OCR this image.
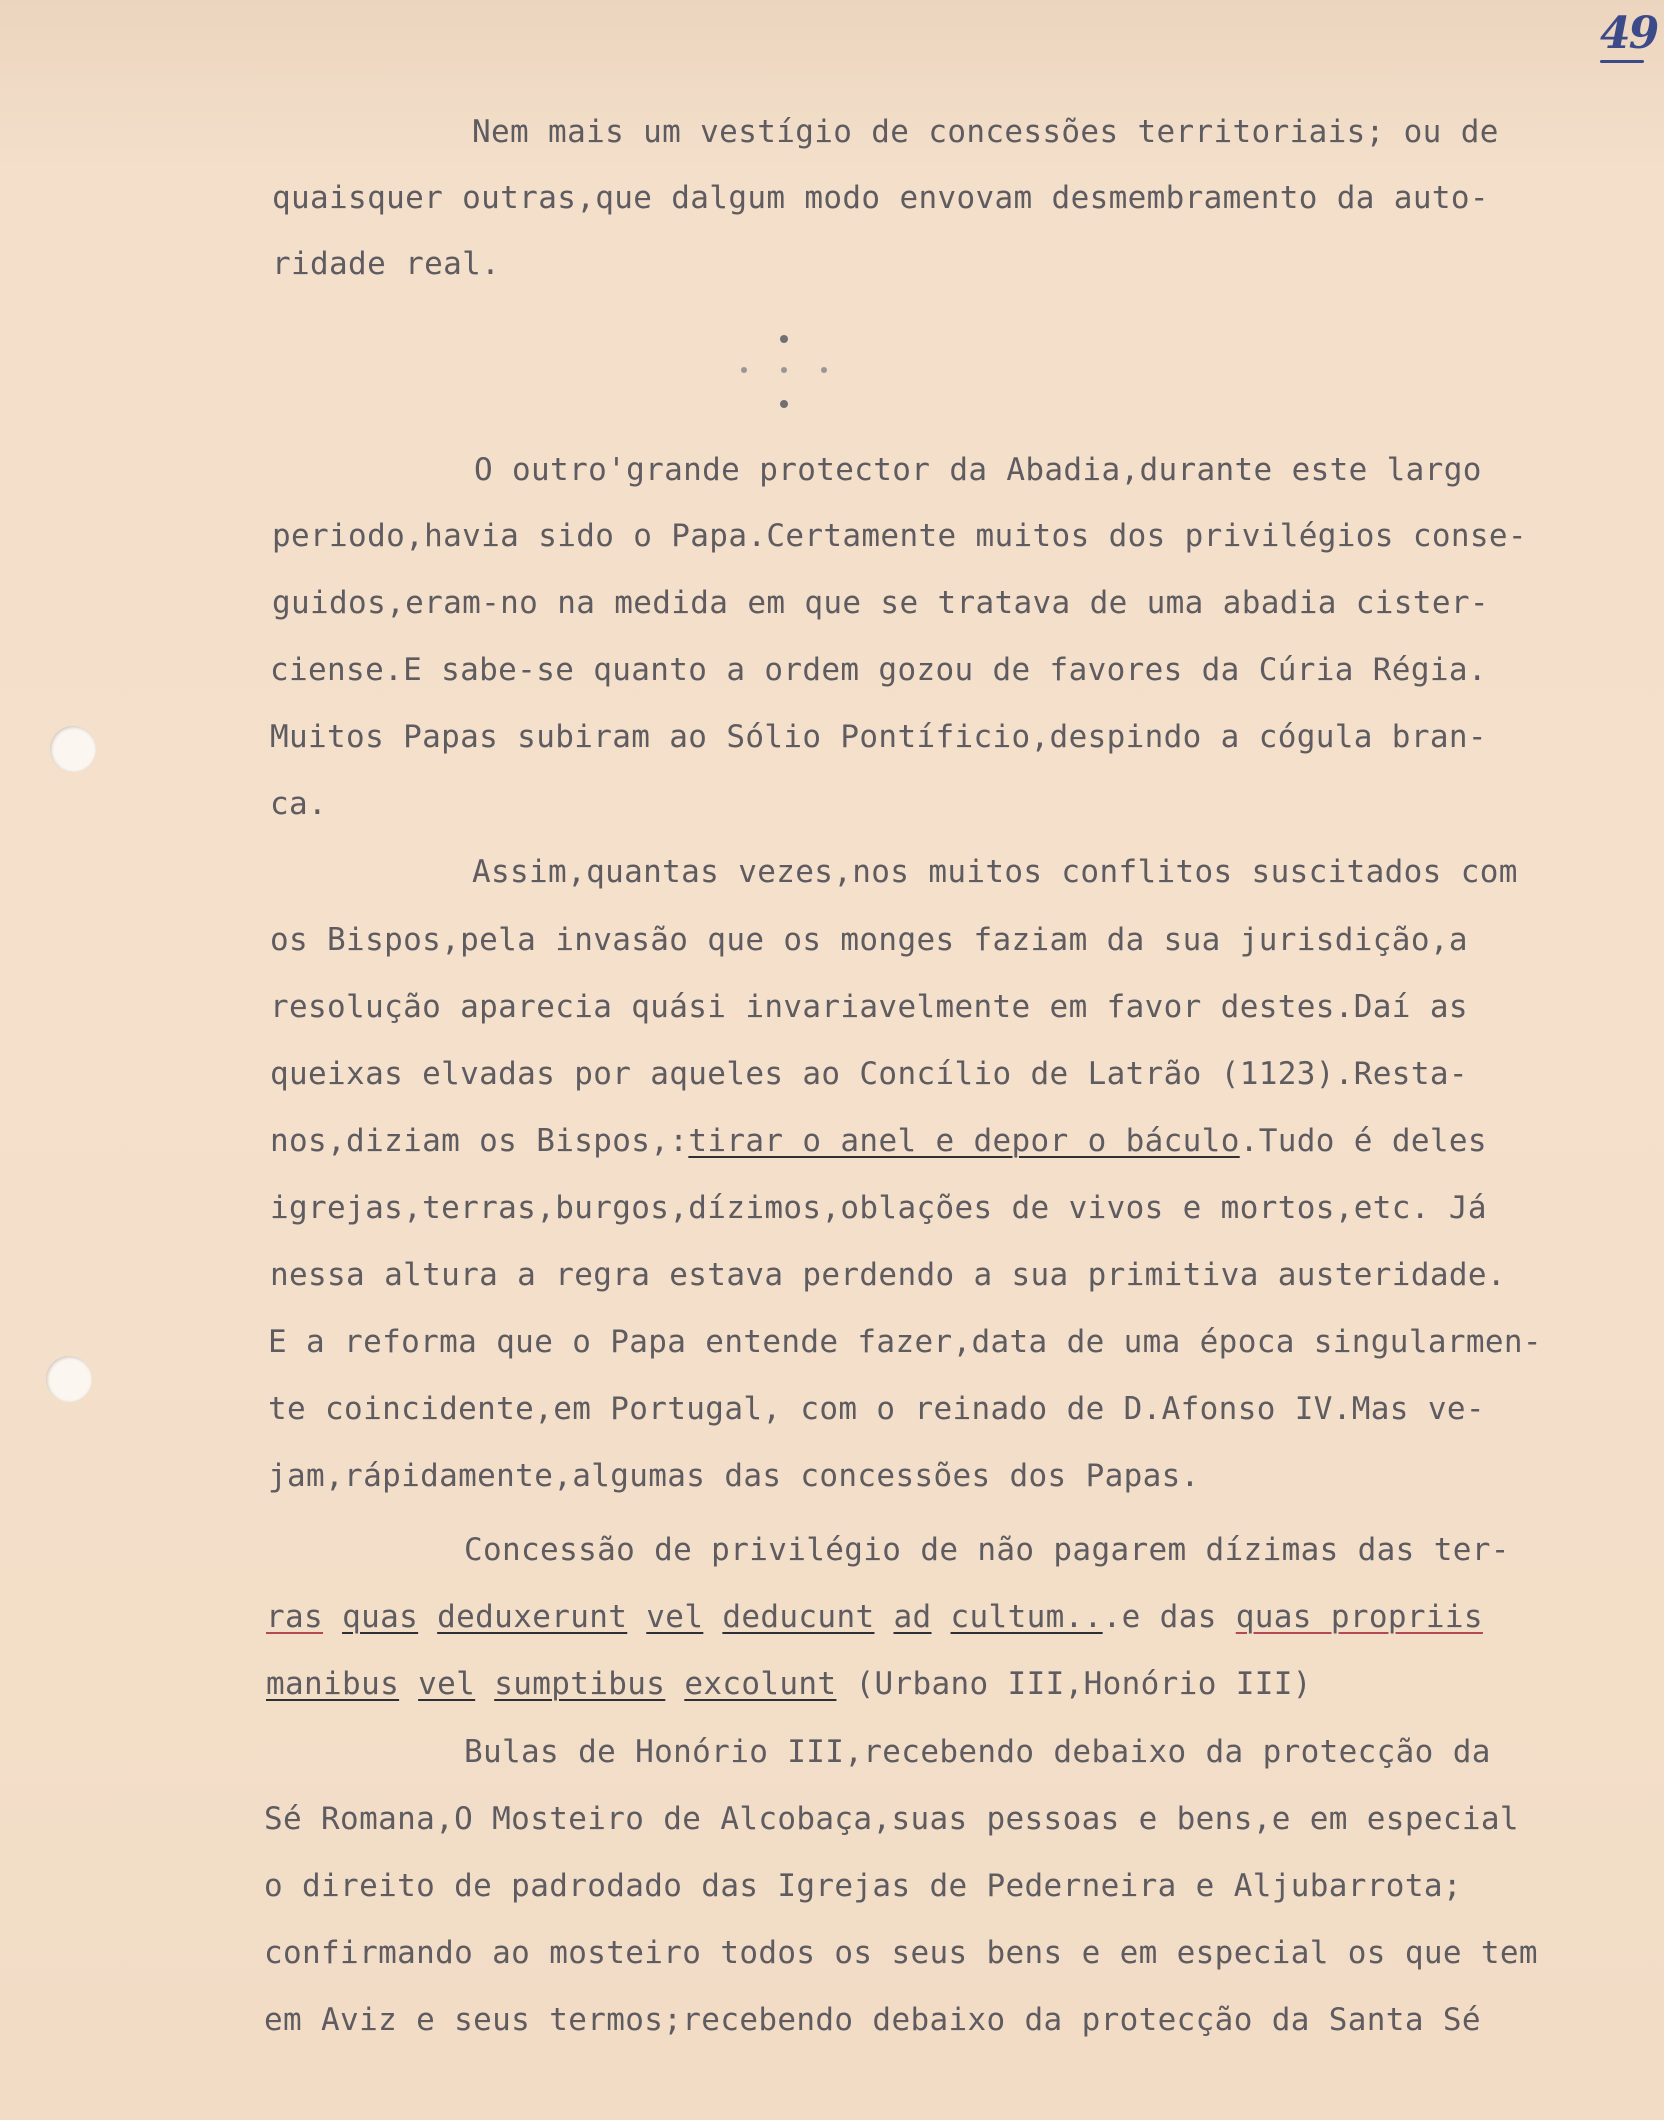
49
Nem mais um vestígio de concessões territoriais; ou de
quaisquer outras,que dalgum modo envovam desmembramento da auto-
ridade real.
O outro'grande protector da Abadia,durante este largo
periodo,havia sido o Papa.Certamente muitos dos privilégios conse-
guidos,eram-no na medida em que se tratava de uma abadia cister-
ciense.E sabe-se quanto a ordem gozou de favores da Cúria Régia.
Muitos Papas subiram ao Sólio Pontíficio,despindo a cógula bran-
ca.
Assim,quantas vezes,nos muitos conflitos suscitados com
os Bispos,pela invasão que os monges faziam da sua jurisdição,a
resolução aparecia quási invariavelmente em favor destes.Daí as
queixas elvadas por aqueles ao Concílio de Latrão (1123).Resta-
nos,diziam os Bispos,:tirar o anel e depor o báculo.Tudo é deles
igrejas,terras,burgos,dízimos,oblações de vivos e mortos,etc. Já
nessa altura a regra estava perdendo a sua primitiva austeridade.
E a reforma que o Papa entende fazer,data de uma época singularmen-
te coincidente,em Portugal, com o reinado de D.Afonso IV.Mas ve-
jam,rápidamente,algumas das concessões dos Papas.
Concessão de privilégio de não pagarem dízimas das ter-
ras quas deduxerunt vel deducunt ad cultum...e das quas propriis
manibus vel sumptibus excolunt (Urbano III,Honório III)
Bulas de Honório III,recebendo debaixo da protecção da
Sé Romana,O Mosteiro de Alcobaça,suas pessoas e bens,e em especial
o direito de padrodado das Igrejas de Pederneira e Aljubarrota;
confirmando ao mosteiro todos os seus bens e em especial os que tem
em Aviz e seus termos;recebendo debaixo da protecção da Santa Sé
